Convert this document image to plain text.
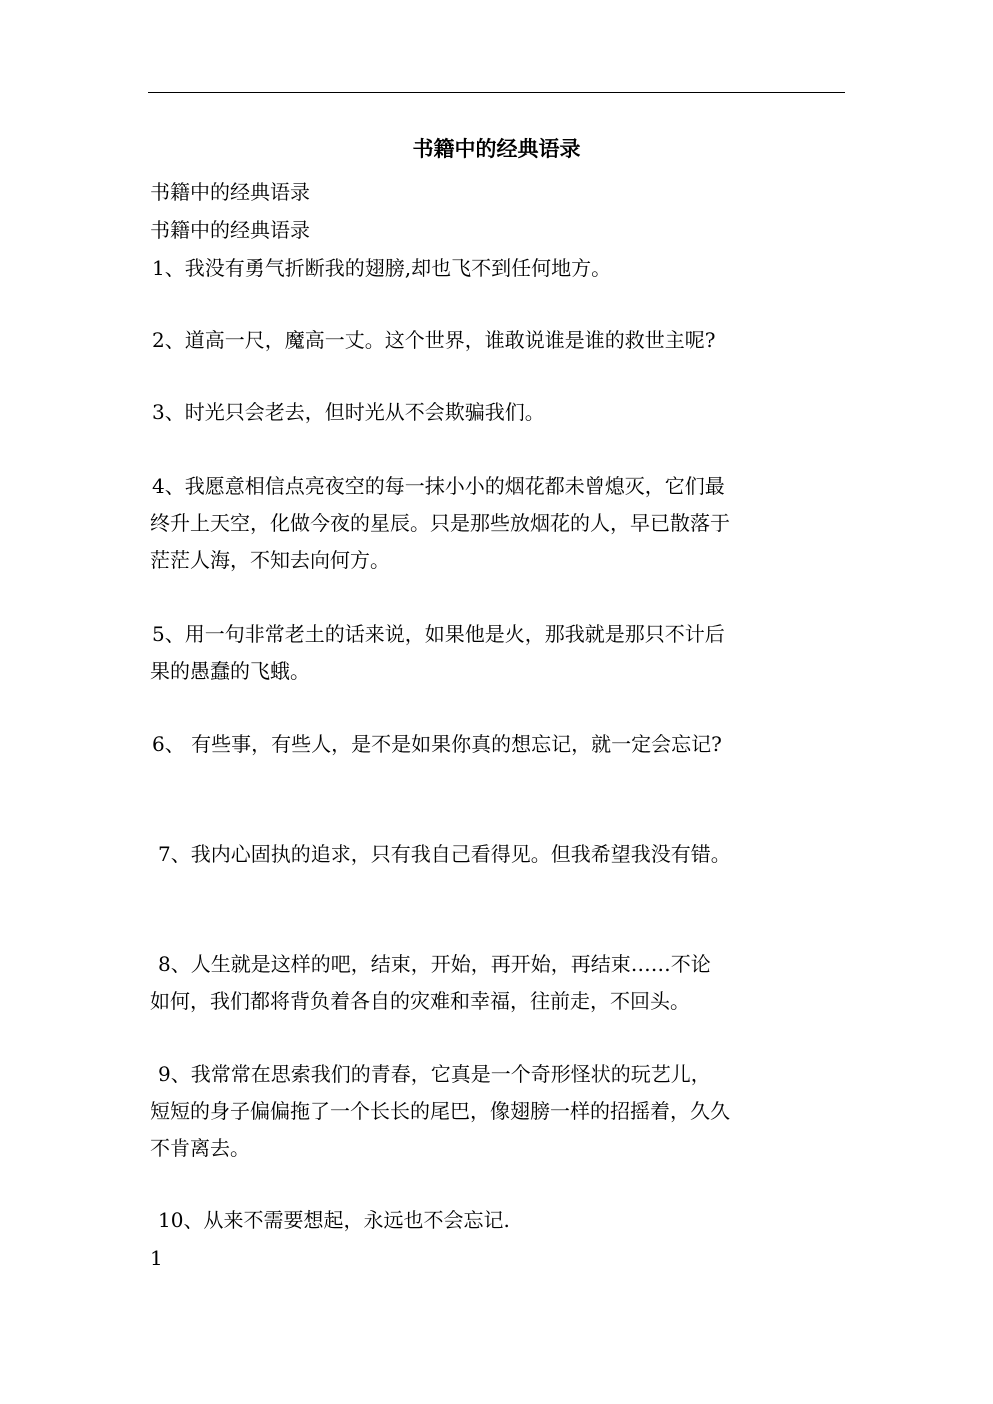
书籍中的经典语录
书籍中的经典语录
书籍中的经典语录
1、我没有勇气折断我的翅膀,却也飞不到任何地方。
2、道高一尺，魔高一丈。这个世界，谁敢说谁是谁的救世主呢?
3、时光只会老去，但时光从不会欺骗我们。
4、我愿意相信点亮夜空的每一抹小小的烟花都未曾熄灭，它们最
终升上天空，化做今夜的星辰。只是那些放烟花的人，早已散落于
茫茫人海，不知去向何方。
5、用一句非常老土的话来说，如果他是火，那我就是那只不计后
果的愚蠢的飞蛾。
6、 有些事，有些人，是不是如果你真的想忘记，就一定会忘记?
7、我内心固执的追求，只有我自己看得见。但我希望我没有错。
8、人生就是这样的吧，结束，开始，再开始，再结束……不论
如何，我们都将背负着各自的灾难和幸福，往前走，不回头。
9、我常常在思索我们的青春，它真是一个奇形怪状的玩艺儿，
短短的身子偏偏拖了一个长长的尾巴，像翅膀一样的招摇着，久久
不肯离去。
10、从来不需要想起，永远也不会忘记.
1
